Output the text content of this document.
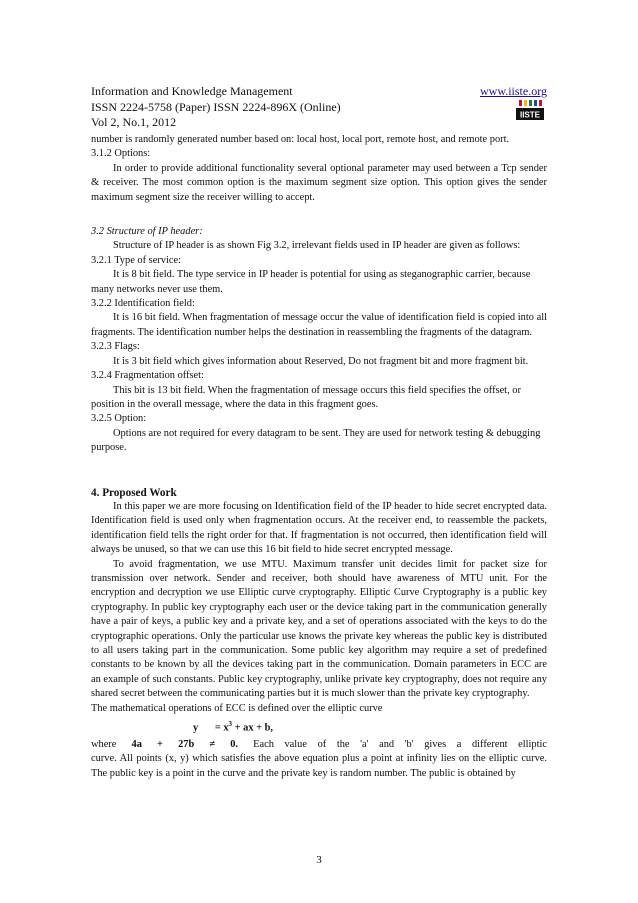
Information and Knowledge Management
ISSN 2224-5758 (Paper) ISSN 2224-896X (Online)
Vol 2, No.1, 2012
www.iiste.org
IISTE

number is randomly generated number based on: local host, local port, remote host, and remote port.

3.1.2 Options:

In order to provide additional functionality several optional parameter may used between a Tcp sender & receiver. The most common option is the maximum segment size option. This option gives the sender maximum segment size the receiver willing to accept.

3.2 Structure of IP header:

Structure of IP header is as shown Fig 3.2, irrelevant fields used in IP header are given as follows:

3.2.1 Type of service:

It is 8 bit field. The type service in IP header is potential for using as steganographic carrier, because many networks never use them.

3.2.2 Identification field:

It is 16 bit field. When fragmentation of message occur the value of identification field is copied into all fragments. The identification number helps the destination in reassembling the fragments of the datagram.

3.2.3 Flags:

It is 3 bit field which gives information about Reserved, Do not fragment bit and more fragment bit.

3.2.4 Fragmentation offset:

This bit is 13 bit field. When the fragmentation of message occurs this field specifies the offset, or position in the overall message, where the data in this fragment goes.

3.2.5 Option:

Options are not required for every datagram to be sent. They are used for network testing & debugging purpose.

4. Proposed Work

In this paper we are more focusing on Identification field of the IP header to hide secret encrypted data. Identification field is used only when fragmentation occurs. At the receiver end, to reassemble the packets, identification field tells the right order for that. If fragmentation is not occurred, then identification field will always be unused, so that we can use this 16 bit field to hide secret encrypted message.

To avoid fragmentation, we use MTU. Maximum transfer unit decides limit for packet size for transmission over network. Sender and receiver, both should have awareness of MTU unit. For the encryption and decryption we use Elliptic curve cryptography. Elliptic Curve Cryptography is a public key cryptography. In public key cryptography each user or the device taking part in the communication generally have a pair of keys, a public key and a private key, and a set of operations associated with the keys to do the cryptographic operations. Only the particular use knows the private key whereas the public key is distributed to all users taking part in the communication. Some public key algorithm may require a set of predefined constants to be known by all the devices taking part in the communication. Domain parameters in ECC are an example of such constants. Public key cryptography, unlike private key cryptography, does not require any shared secret between the communicating parties but it is much slower than the private key cryptography.

The mathematical operations of ECC is defined over the elliptic curve

$y = x^3$ + ax + b,
where 4a + 27b ≠ 0. Each value of the 'a' and 'b' gives a different elliptic

curve. All points (x, y) which satisfies the above equation plus a point at infinity lies on the elliptic curve. The public key is a point in the curve and the private key is random number. The public is obtained by

3
